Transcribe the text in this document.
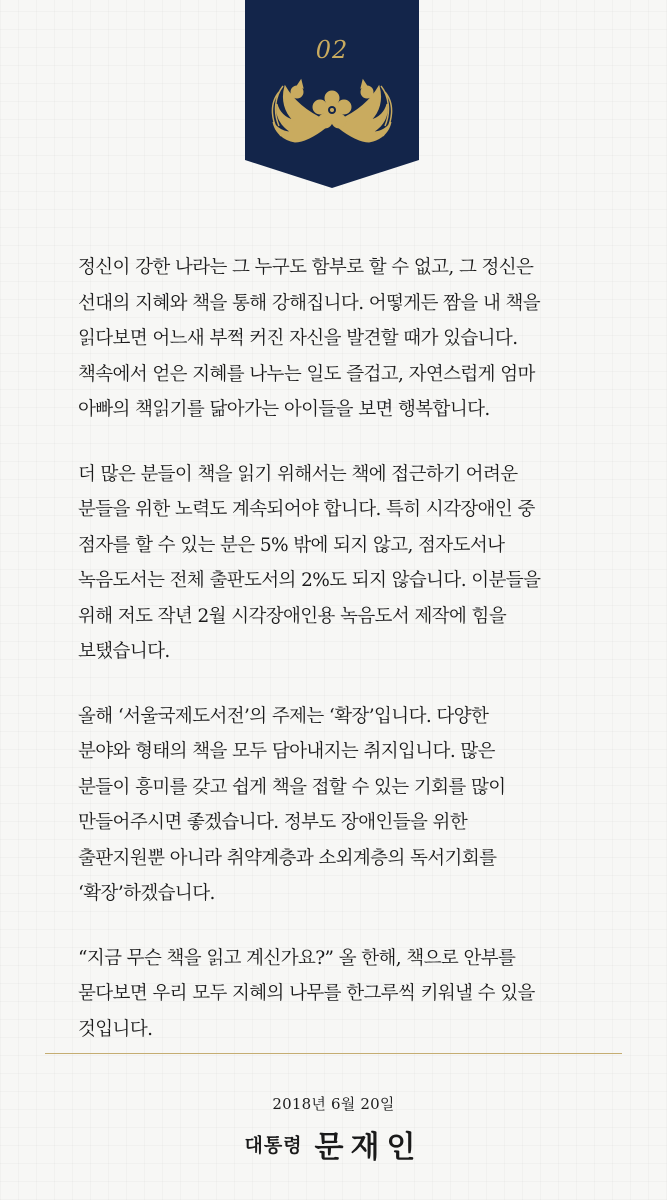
02

정신이 강한 나라는 그 누구도 함부로 할 수 없고, 그 정신은
선대의 지혜와 책을 통해 강해집니다. 어떻게든 짬을 내 책을
읽다보면 어느새 부쩍 커진 자신을 발견할 때가 있습니다.
책속에서 얻은 지혜를 나누는 일도 즐겁고, 자연스럽게 엄마
아빠의 책읽기를 닮아가는 아이들을 보면 행복합니다.

더 많은 분들이 책을 읽기 위해서는 책에 접근하기 어려운
분들을 위한 노력도 계속되어야 합니다. 특히 시각장애인 중
점자를 할 수 있는 분은 5% 밖에 되지 않고, 점자도서나
녹음도서는 전체 출판도서의 2%도 되지 않습니다. 이분들을
위해 저도 작년 2월 시각장애인용 녹음도서 제작에 힘을
보탰습니다.

올해 ‘서울국제도서전’의 주제는 ‘확장’입니다. 다양한
분야와 형태의 책을 모두 담아내지는 취지입니다. 많은
분들이 흥미를 갖고 쉽게 책을 접할 수 있는 기회를 많이
만들어주시면 좋겠습니다. 정부도 장애인들을 위한
출판지원뿐 아니라 취약계층과 소외계층의 독서기회를
‘확장’하겠습니다.

“지금 무슨 책을 읽고 계신가요?” 올 한해, 책으로 안부를
묻다보면 우리 모두 지혜의 나무를 한그루씩 키워낼 수 있을
것입니다.

2018년 6월 20일
대통령 문재인
